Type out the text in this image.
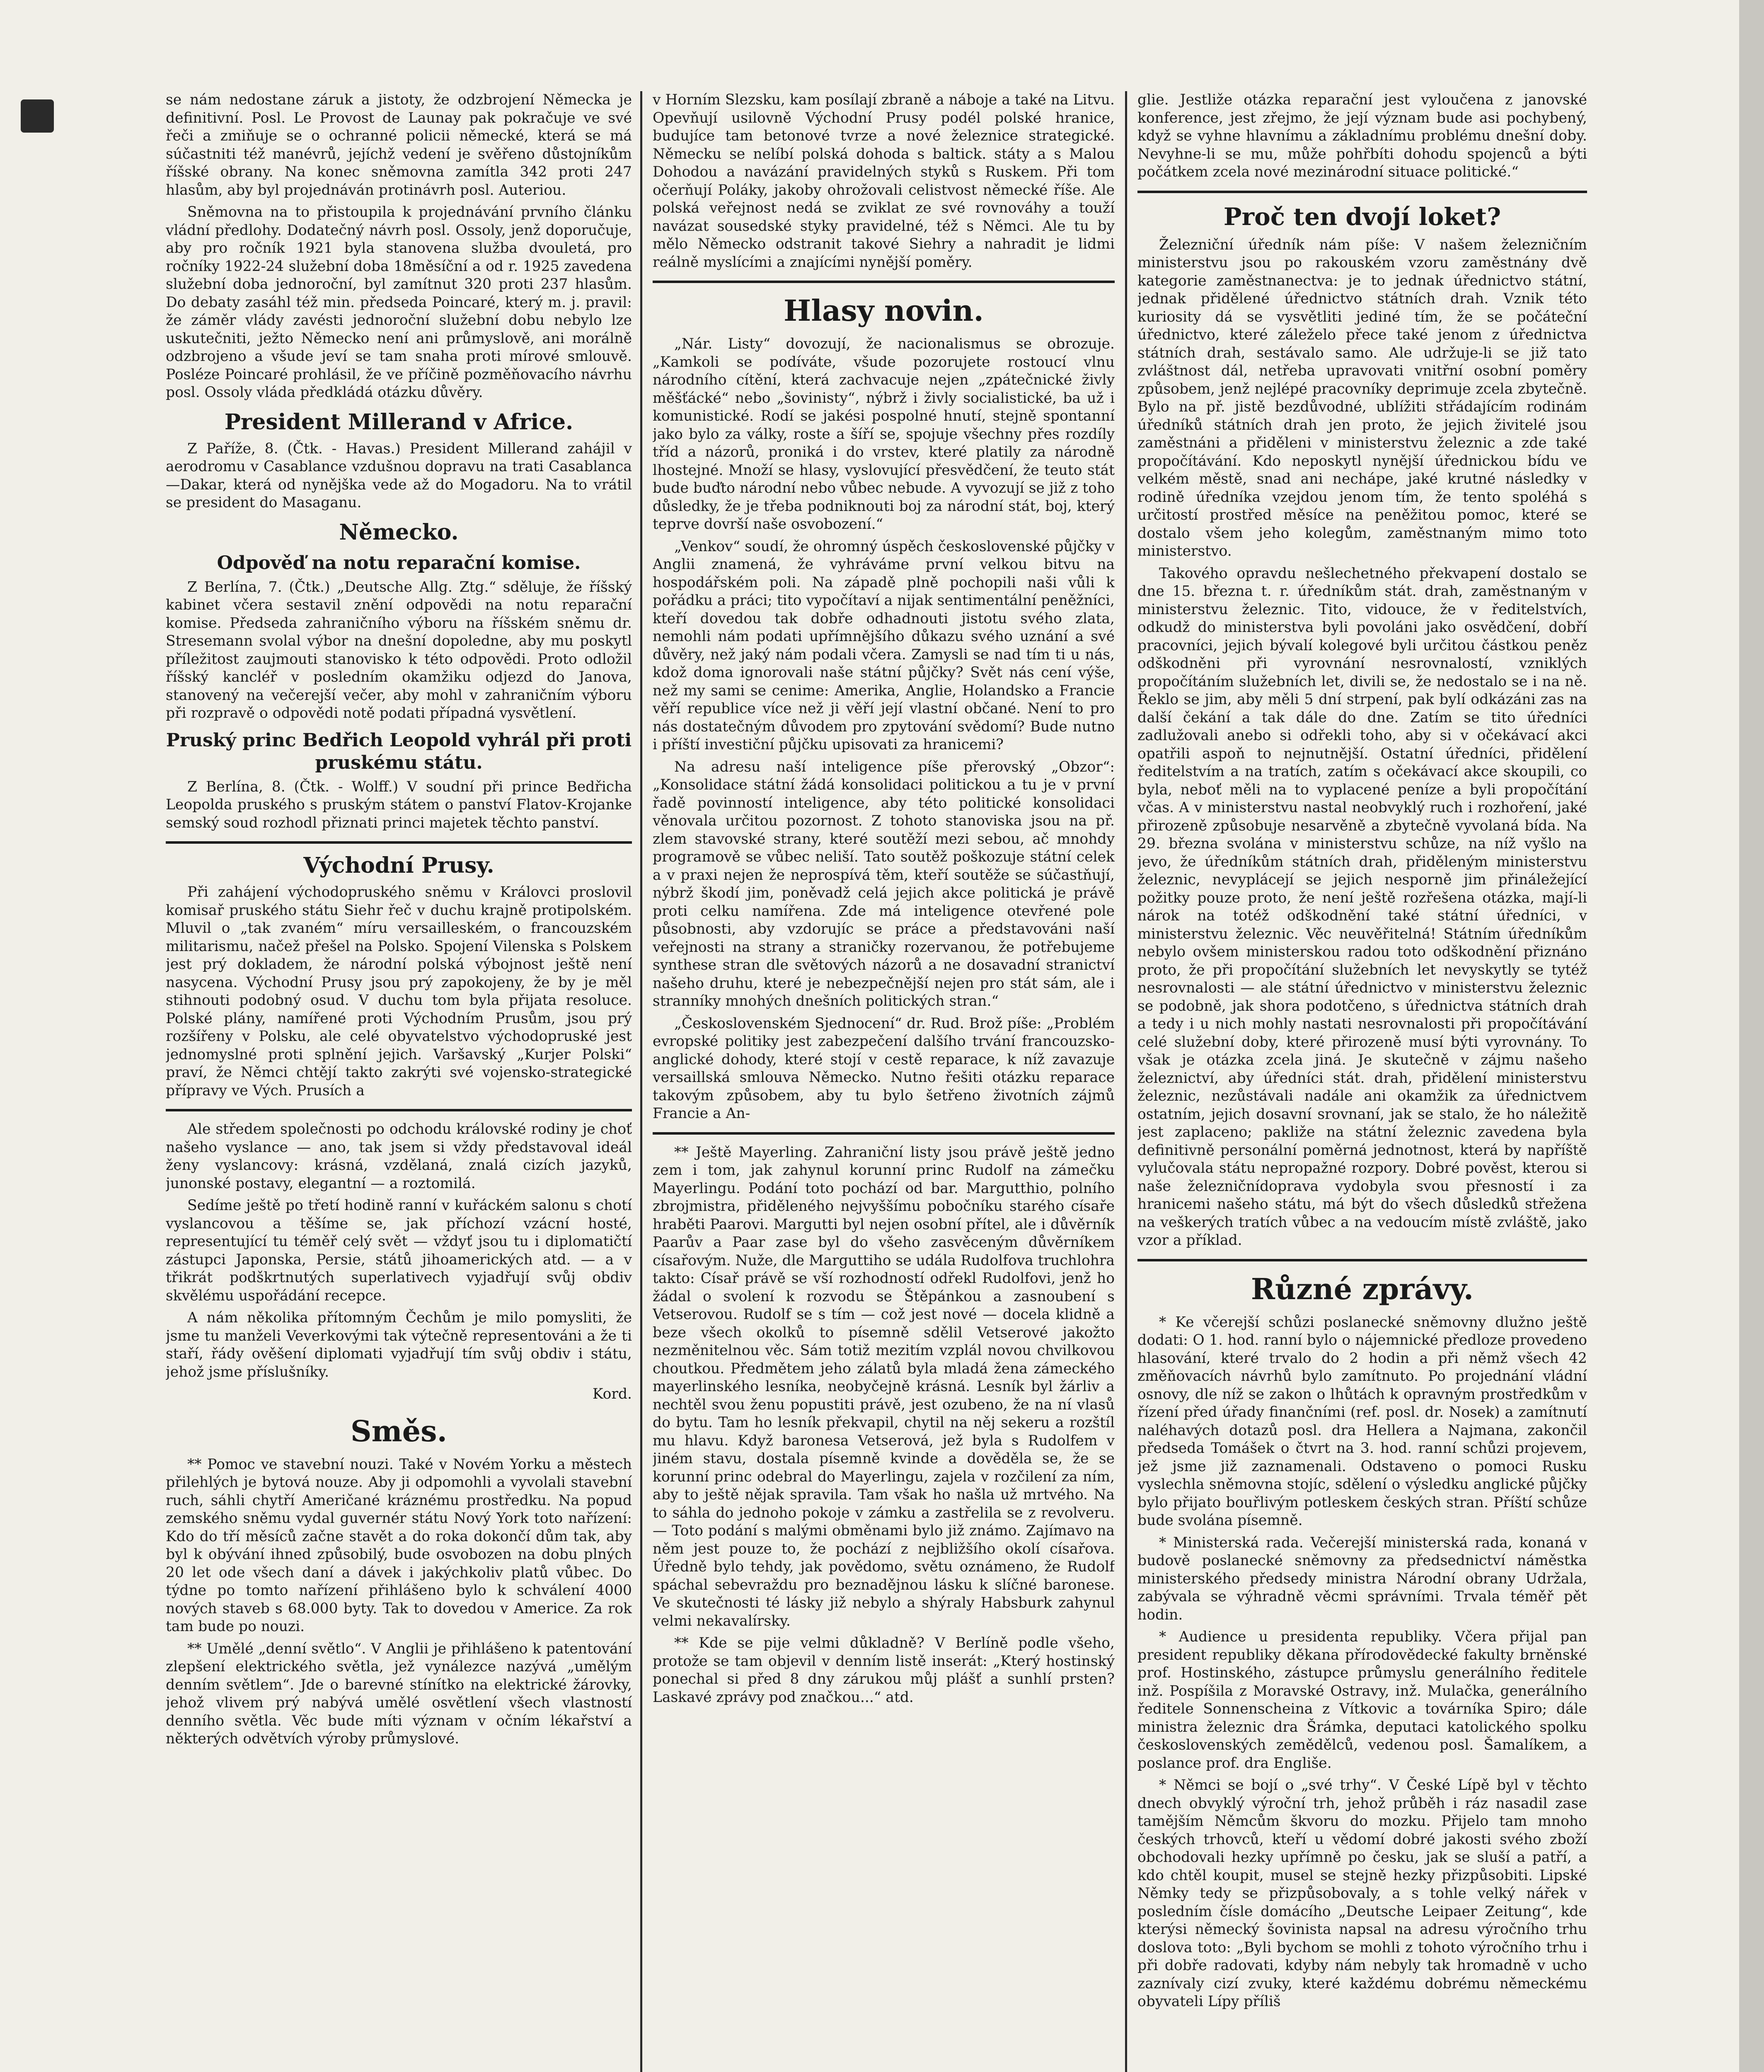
se nám nedostane záruk a jistoty, že odzbrojení Německa je definitivní. Posl. Le Provost de Launay pak pokračuje ve své řeči a zmiňuje se o ochranné policii německé, která se má súčastniti též manévrů, jejíchž vedení je svěřeno důstojníkům říšské obrany. Na konec sněmovna zamítla 342 proti 247 hlasům, aby byl projednáván protinávrh posl. Auteriou.

Sněmovna na to přistoupila k projednávání prvního článku vládní předlohy. Dodatečný návrh posl. Ossoly, jenž doporučuje, aby pro ročník 1921 byla stanovena služba dvouletá, pro ročníky 1922-24 služební doba 18měsíční a od r. 1925 zavedena služební doba jednoroční, byl zamítnut 320 proti 237 hlasům. Do debaty zasáhl též min. předseda Poincaré, který m. j. pravil: že záměr vlády zavésti jednoroční služební dobu nebylo lze uskutečniti, ježto Německo není ani průmyslově, ani morálně odzbrojeno a všude jeví se tam snaha proti mírové smlouvě. Posléze Poincaré prohlásil, že ve příčině pozměňovacího návrhu posl. Ossoly vláda předkládá otázku důvěry.

President Millerand v Africe.

Z Paříže, 8. (Čtk. - Havas.) President Millerand zahájil v aerodromu v Casablance vzdušnou dopravu na trati Casablanca—Dakar, která od nynějška vede až do Mogadoru. Na to vrátil se president do Masaganu.

Německo.
Odpověď na notu reparační komise.

Z Berlína, 7. (Čtk.) „Deutsche Allg. Ztg.“ sděluje, že říšský kabinet včera sestavil znění odpovědi na notu reparační komise. Předseda zahraničního výboru na říšském sněmu dr. Stresemann svolal výbor na dnešní dopoledne, aby mu poskytl příležitost zaujmouti stanovisko k této odpovědi. Proto odložil říšský kancléř v posledním okamžiku odjezd do Janova, stanovený na večerejší večer, aby mohl v zahraničním výboru při rozpravě o odpovědi notě podati případná vysvětlení.

Pruský princ Bedřich Leopold vyhrál při proti pruskému státu.

Z Berlína, 8. (Čtk. - Wolff.) V soudní při prince Bedřicha Leopolda pruského s pruským státem o panství Flatov-Krojanke semský soud rozhodl přiznati princi majetek těchto panství.

Východní Prusy.

Při zahájení východopruského sněmu v Královci proslovil komisař pruského státu Siehr řeč v duchu krajně protipolském. Mluvil o „tak zvaném“ míru versailleském, o francouzském militarismu, načež přešel na Polsko. Spojení Vilenska s Polskem jest prý dokladem, že národní polská výbojnost ještě není nasycena. Východní Prusy jsou prý zapokojeny, že by je měl stihnouti podobný osud. V duchu tom byla přijata resoluce. Polské plány, namířené proti Východním Prusům, jsou prý rozšířeny v Polsku, ale celé obyvatelstvo východopruské jest jednomyslné proti splnění jejich. Varšavský „Kurjer Polski“ praví, že Němci chtějí takto zakrýti své vojensko-strategické přípravy ve Vých. Prusích a

Ale středem společnosti po odchodu královské rodiny je choť našeho vyslance — ano, tak jsem si vždy představoval ideál ženy vyslancovy: krásná, vzdělaná, znalá cizích jazyků, junonské postavy, elegantní — a roztomilá.

Sedíme ještě po třetí hodině ranní v kuřáckém salonu s chotí vyslancovou a těšíme se, jak příchozí vzácní hosté, representující tu téměř celý svět — vždyť jsou tu i diplomatičtí zástupci Japonska, Persie, států jihoamerických atd. — a v třikrát podškrtnutých superlativech vyjadřují svůj obdiv skvělému uspořádání recepce.

A nám několika přítomným Čechům je milo pomysliti, že jsme tu manželi Veverkovými tak výtečně representováni a že ti staří, řády ověšení diplomati vyjadřují tím svůj obdiv i státu, jehož jsme příslušníky.

Kord.

Směs.

** Pomoc ve stavební nouzi. Také v Novém Yorku a městech přilehlých je bytová nouze. Aby ji odpomohli a vyvolali stavební ruch, sáhli chytří Američané kráznému prostředku. Na popud zemského sněmu vydal guvernér státu Nový York toto nařízení: Kdo do tří měsíců začne stavět a do roka dokončí dům tak, aby byl k obývání ihned způsobilý, bude osvobozen na dobu plných 20 let ode všech daní a dávek i jakýchkoliv platů vůbec. Do týdne po tomto nařízení přihlášeno bylo k schválení 4000 nových staveb s 68.000 byty. Tak to dovedou v Americe. Za rok tam bude po nouzi.

** Umělé „denní světlo“. V Anglii je přihlášeno k patentování zlepšení elektrického světla, jež vynálezce nazývá „umělým denním světlem“. Jde o barevné stínítko na elektrické žárovky, jehož vlivem prý nabývá umělé osvětlení všech vlastností denního světla. Věc bude míti význam v očním lékařství a některých odvětvích výroby průmyslové.

v Horním Slezsku, kam posílají zbraně a náboje a také na Litvu. Opevňují usilovně Východní Prusy podél polské hranice, budujíce tam betonové tvrze a nové železnice strategické. Německu se nelíbí polská dohoda s baltick. státy a s Malou Dohodou a navázání pravidelných styků s Ruskem. Při tom očerňují Poláky, jakoby ohrožovali celistvost německé říše. Ale polská veřejnost nedá se zviklat ze své rovnováhy a touží navázat sousedské styky pravidelné, též s Němci. Ale tu by mělo Německo odstranit takové Siehry a nahradit je lidmi reálně myslícími a znajícími nynější poměry.

Hlasy novin.

„Nár. Listy“ dovozují, že nacionalismus se obrozuje. „Kamkoli se podíváte, všude pozorujete rostoucí vlnu národního cítění, která zachvacuje nejen „zpátečnické živly měšťácké“ nebo „šovinisty“, nýbrž i živly socialistické, ba už i komunistické. Rodí se jakési pospolné hnutí, stejně spontanní jako bylo za války, roste a šíří se, spojuje všechny přes rozdíly tříd a názorů, proniká i do vrstev, které platily za národně lhostejné. Množí se hlasy, vyslovující přesvědčení, že teuto stát bude buďto národní nebo vůbec nebude. A vyvozují se již z toho důsledky, že je třeba podniknouti boj za národní stát, boj, který teprve dovrší naše osvobození.“

„Venkov“ soudí, že ohromný úspěch československé půjčky v Anglii znamená, že vyhráváme první velkou bitvu na hospodářském poli. Na západě plně pochopili naši vůli k pořádku a práci; tito vypočítaví a nijak sentimentální peněžníci, kteří dovedou tak dobře odhadnouti jistotu svého zlata, nemohli nám podati upřímnějšího důkazu svého uznání a své důvěry, než jaký nám podali včera. Zamysli se nad tím ti u nás, kdož doma ignorovali naše státní půjčky? Svět nás cení výše, než my sami se cenime: Amerika, Anglie, Holandsko a Francie věří republice více než ji věří její vlastní občané. Není to pro nás dostatečným důvodem pro zpytování svědomí? Bude nutno i příští investiční půjčku upisovati za hranicemi?

Na adresu naší inteligence píše přerovský „Obzor“: „Konsolidace státní žádá konsolidaci politickou a tu je v první řadě povinností inteligence, aby této politické konsolidaci věnovala určitou pozornost. Z tohoto stanoviska jsou na př. zlem stavovské strany, které soutěží mezi sebou, ač mnohdy programově se vůbec neliší. Tato soutěž poškozuje státní celek a v praxi nejen že neprospívá těm, kteří soutěže se súčastňují, nýbrž škodí jim, poněvadž celá jejich akce politická je právě proti celku namířena. Zde má inteligence otevřené pole působnosti, aby vzdorujíc se práce a představováni naší veřejnosti na strany a straničky rozervanou, že potřebujeme synthese stran dle světových názorů a ne dosavadní stranictví našeho druhu, které je nebezpečnější nejen pro stát sám, ale i stranníky mnohých dnešních politických stran.“

„Československém Sjednocení“ dr. Rud. Brož píše: „Problém evropské politiky jest zabezpečení dalšího trvání francouzsko-anglické dohody, které stojí v cestě reparace, k níž zavazuje versaillská smlouva Německo. Nutno řešiti otázku reparace takovým způsobem, aby tu bylo šetřeno životních zájmů Francie a An-

** Ještě Mayerling. Zahraniční listy jsou právě ještě jedno zem i tom, jak zahynul korunní princ Rudolf na zámečku Mayerlingu. Podání toto pochází od bar. Margutthio, polního zbrojmistra, přiděleného nejvyššímu pobočníku starého císaře hraběti Paarovi. Margutti byl nejen osobní přítel, ale i důvěrník Paarův a Paar zase byl do všeho zasvěceným důvěrníkem císařovým. Nuže, dle Marguttiho se udála Rudolfova truchlohra takto: Císař právě se vší rozhodností odřekl Rudolfovi, jenž ho žádal o svolení k rozvodu se Štěpánkou a zasnoubení s Vetserovou. Rudolf se s tím — což jest nové — docela klidně a beze všech okolků to písemně sdělil Vetserové jakožto nezměnitelnou věc. Sám totiž mezitím vzplál novou chvilkovou choutkou. Předmětem jeho zálatů byla mladá žena zámeckého mayerlinského lesníka, neobyčejně krásná. Lesník byl žárliv a nechtěl svou ženu popustiti právě, jest ozubeno, že na ní vlasů do bytu. Tam ho lesník překvapil, chytil na něj sekeru a rozštíl mu hlavu. Když baronesa Vetserová, jež byla s Rudolfem v jiném stavu, dostala písemně kvinde a dověděla se, že se korunní princ odebral do Mayerlingu, zajela v rozčilení za ním, aby to ještě nějak spravila. Tam však ho našla už mrtvého. Na to sáhla do jednoho pokoje v zámku a zastřelila se z revolveru. — Toto podání s malými obměnami bylo již známo. Zajímavo na něm jest pouze to, že pochází z nejbližšího okolí císařova. Úředně bylo tehdy, jak povědomo, světu oznámeno, že Rudolf spáchal sebevraždu pro beznadějnou lásku k slíčné baronese. Ve skutečnosti té lásky již nebylo a shýraly Habsburk zahynul velmi nekavalírsky.

** Kde se pije velmi důkladně? V Berlíně podle všeho, protože se tam objevil v denním listě inserát: „Který hostinský ponechal si před 8 dny zárukou můj plášť a sunhlí prsten? Laskavé zprávy pod značkou...“ atd.

glie. Jestliže otázka reparační jest vyloučena z janovské konference, jest zřejmo, že její význam bude asi pochybený, když se vyhne hlavnímu a základnímu problému dnešní doby. Nevyhne-li se mu, může pohřbíti dohodu spojenců a býti počátkem zcela nové mezinárodní situace politické.“

Proč ten dvojí loket?

Železniční úředník nám píše: V našem železničním ministerstvu jsou po rakouském vzoru zaměstnány dvě kategorie zaměstnanectva: je to jednak úřednictvo státní, jednak přidělené úřednictvo státních drah. Vznik této kuriosity dá se vysvětliti jediné tím, že se počáteční úřednictvo, které záleželo přece také jenom z úřednictva státních drah, sestávalo samo. Ale udržuje-li se již tato zvláštnost dál, netřeba upravovati vnitřní osobní poměry způsobem, jenž nejlépé pracovníky deprimuje zcela zbytečně. Bylo na př. jistě bezdůvodné, ublížiti střádajícím rodinám úředníků státních drah jen proto, že jejich živitelé jsou zaměstnáni a přiděleni v ministerstvu železnic a zde také propočítávání. Kdo neposkytl nynější úřednickou bídu ve velkém městě, snad ani nechápe, jaké krutné následky v rodině úředníka vzejdou jenom tím, že tento spoléhá s určitostí prostřed měsíce na peněžitou pomoc, které se dostalo všem jeho kolegům, zaměstnaným mimo toto ministerstvo.

Takového opravdu nešlechetného překvapení dostalo se dne 15. března t. r. úředníkům stát. drah, zaměstnaným v ministerstvu železnic. Tito, vidouce, že v ředitelstvích, odkudž do ministerstva byli povoláni jako osvědčení, dobří pracovníci, jejich bývalí kolegové byli určitou částkou peněz odškodněni při vyrovnání nesrovnalostí, vzniklých propočítáním služebních let, divili se, že nedostalo se i na ně. Řeklo se jim, aby měli 5 dní strpení, pak bylí odkázáni zas na další čekání a tak dále do dne. Zatím se tito úředníci zadlužovali anebo si odřekli toho, aby si v očekávací akci opatřili aspoň to nejnutnější. Ostatní úředníci, přidělení ředitelstvím a na tratích, zatím s očekávací akce skoupili, co byla, neboť měli na to vyplacené peníze a byli propočítání včas. A v ministerstvu nastal neobvyklý ruch i rozhoření, jaké přirozeně způsobuje nesarvěně a zbytečně vyvolaná bída. Na 29. března svolána v ministerstvu schůze, na níž vyšlo na jevo, že úředníkům státních drah, přiděleným ministerstvu železnic, nevyplácejí se jejich nesporně jim přináležející požitky pouze proto, že není ještě rozřešena otázka, mají-li nárok na totéž odškodnění také státní úředníci, v ministerstvu železnic. Věc neuvěřitelná! Státním úředníkům nebylo ovšem ministerskou radou toto odškodnění přiznáno proto, že při propočítání služebních let nevyskytly se tytéž nesrovnalosti — ale státní úřednictvo v ministerstvu železnic se podobně, jak shora podotčeno, s úřednictva státních drah a tedy i u nich mohly nastati nesrovnalosti při propočítávání celé služební doby, které přirozeně musí býti vyrovnány. To však je otázka zcela jiná. Je skutečně v zájmu našeho železnictví, aby úředníci stát. drah, přidělení ministerstvu železnic, nezůstávali nadále ani okamžik za úřednictvem ostatním, jejich dosavní srovnaní, jak se stalo, že ho náležitě jest zaplaceno; pakliže na státní železnic zavedena byla definitivně personální poměrná jednotnost, která by napříště vylučovala státu nepropažné rozpory. Dobré pověst, kterou si naše železničnídoprava vydobyla svou přesností i za hranicemi našeho státu, má být do všech důsledků střežena na veškerých tratích vůbec a na vedoucím místě zvláště, jako vzor a příklad.

Různé zprávy.

* Ke včerejší schůzi poslanecké sněmovny dlužno ještě dodati: O 1. hod. ranní bylo o nájemnické předloze provedeno hlasování, které trvalo do 2 hodin a při němž všech 42 změňovacích návrhů bylo zamítnuto. Po projednání vládní osnovy, dle níž se zakon o lhůtách k opravným prostředkům v řízení před úřady finančními (ref. posl. dr. Nosek) a zamítnutí naléhavých dotazů posl. dra Hellera a Najmana, zakončil předseda Tomášek o čtvrt na 3. hod. ranní schůzi projevem, jež jsme již zaznamenali. Odstaveno o pomoci Rusku vyslechla sněmovna stojíc, sdělení o výsledku anglické půjčky bylo přijato bouřlivým potleskem českých stran. Příští schůze bude svolána písemně.

* Ministerská rada. Večerejší ministerská rada, konaná v budově poslanecké sněmovny za předsednictví náměstka ministerského předsedy ministra Národní obrany Udržala, zabývala se výhradně věcmi správními. Trvala téměř pět hodin.

* Audience u presidenta republiky. Včera přijal pan president republiky děkana přírodovědecké fakulty brněnské prof. Hostinského, zástupce průmyslu generálního ředitele inž. Pospíšila z Moravské Ostravy, inž. Mulačka, generálního ředitele Sonnenscheina z Vítkovic a továrníka Spiro; dále ministra železnic dra Šrámka, deputaci katolického spolku československých zemědělců, vedenou posl. Šamalíkem, a poslance prof. dra Engliše.

* Němci se bojí o „své trhy“. V České Lípě byl v těchto dnech obvyklý výroční trh, jehož průběh i ráz nasadil zase tamějším Němcům škvoru do mozku. Přijelo tam mnoho českých trhovců, kteří u vědomí dobré jakosti svého zboží obchodovali hezky upřímně po česku, jak se sluší a patří, a kdo chtěl koupit, musel se stejně hezky přizpůsobiti. Lipské Němky tedy se přizpůsobovaly, a s tohle velký nářek v posledním čísle domácího „Deutsche Leipaer Zeitung“, kde kterýsi německý šovinista napsal na adresu výročního trhu doslova toto: „Byli bychom se mohli z tohoto výročního trhu i při dobře radovati, kdyby nám nebyly tak hromadně v ucho zaznívaly cizí zvuky, které každému dobrému německému obyvateli Lípy příliš
